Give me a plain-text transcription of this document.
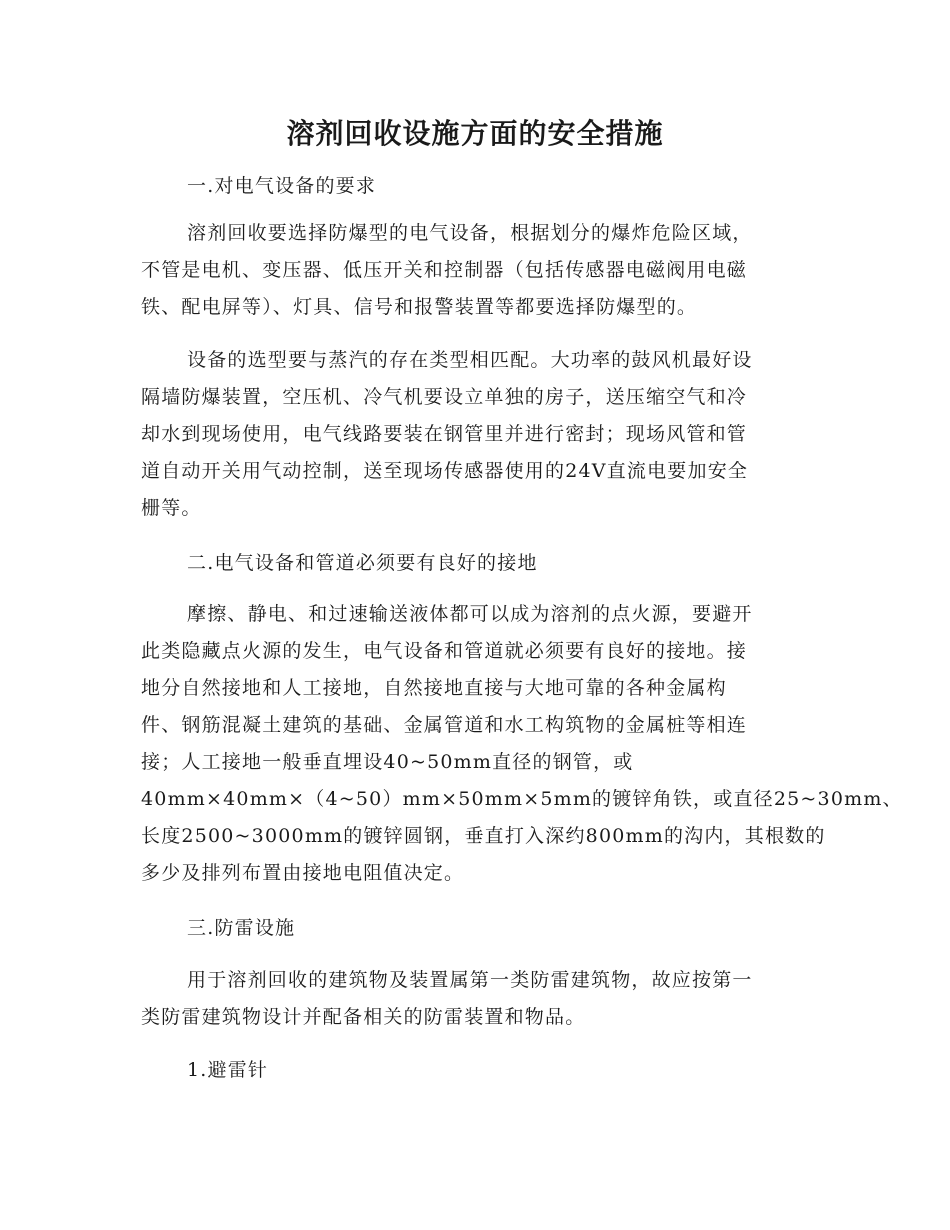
溶剂回收设施方面的安全措施

一.对电气设备的要求

溶剂回收要选择防爆型的电气设备，根据划分的爆炸危险区域，
不管是电机、变压器、低压开关和控制器（包括传感器电磁阀用电磁
铁、配电屏等）、灯具、信号和报警装置等都要选择防爆型的。

设备的选型要与蒸汽的存在类型相匹配。大功率的鼓风机最好设
隔墙防爆装置，空压机、冷气机要设立单独的房子，送压缩空气和冷
却水到现场使用，电气线路要装在钢管里并进行密封；现场风管和管
道自动开关用气动控制，送至现场传感器使用的24V直流电要加安全
栅等。

二.电气设备和管道必须要有良好的接地

摩擦、静电、和过速输送液体都可以成为溶剂的点火源，要避开
此类隐藏点火源的发生，电气设备和管道就必须要有良好的接地。接
地分自然接地和人工接地，自然接地直接与大地可靠的各种金属构
件、钢筋混凝土建筑的基础、金属管道和水工构筑物的金属桩等相连
接；人工接地一般垂直埋设40~50mm直径的钢管，或
40mm×40mm×（4~50）mm×50mm×5mm的镀锌角铁，或直径25~30mm、
长度2500~3000mm的镀锌圆钢，垂直打入深约800mm的沟内，其根数的
多少及排列布置由接地电阻值决定。

三.防雷设施

用于溶剂回收的建筑物及装置属第一类防雷建筑物，故应按第一
类防雷建筑物设计并配备相关的防雷装置和物品。

1.避雷针
